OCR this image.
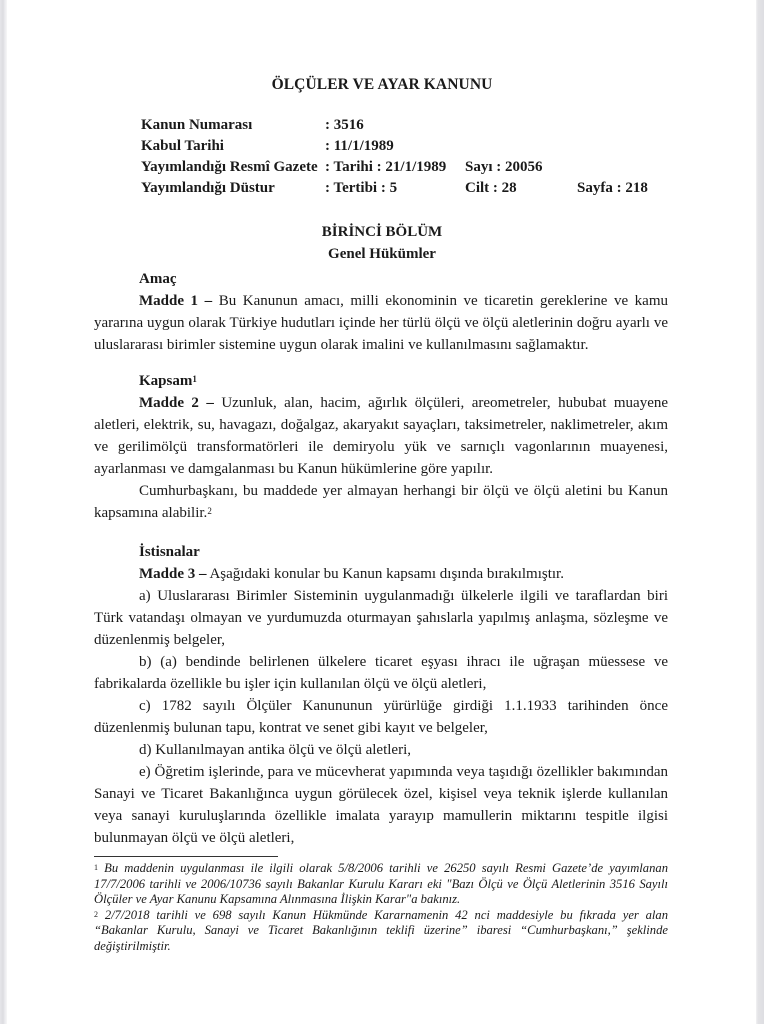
ÖLÇÜLER VE AYAR KANUNU
Kanun Numarası	: 3516
Kabul Tarihi	: 11/1/1989
Yayımlandığı Resmî Gazete : Tarihi : 21/1/1989 Sayı : 20056
Yayımlandığı Düstur	: Tertibi : 5	Cilt : 28	Sayfa : 218
BİRİNCİ BÖLÜM
Genel Hükümler
Amaç
Madde 1 – Bu Kanunun amacı, milli ekonominin ve ticaretin gereklerine ve kamu yararına uygun olarak Türkiye hudutları içinde her türlü ölçü ve ölçü aletlerinin doğru ayarlı ve uluslararası birimler sistemine uygun olarak imalini ve kullanılmasını sağlamaktır.
Kapsam$^1$
Madde 2 – Uzunluk, alan, hacim, ağırlık ölçüleri, areometreler, hububat muayene aletleri, elektrik, su, havagazı, doğalgaz, akaryakıt sayaçları, taksimetreler, naklimetreler, akım ve gerilimölçü transformatörleri ile demiryolu yük ve sarnıçlı vagonlarının muayenesi, ayarlanması ve damgalanması bu Kanun hükümlerine göre yapılır.
Cumhurbaşkanı, bu maddede yer almayan herhangi bir ölçü ve ölçü aletini bu Kanun kapsamına alabilir.$^2$
İstisnalar
Madde 3 – Aşağıdaki konular bu Kanun kapsamı dışında bırakılmıştır.
a) Uluslararası Birimler Sisteminin uygulanmadığı ülkelerle ilgili ve taraflardan biri Türk vatandaşı olmayan ve yurdumuzda oturmayan şahıslarla yapılmış anlaşma, sözleşme ve düzenlenmiş belgeler,
b) (a) bendinde belirlenen ülkelere ticaret eşyası ihracı ile uğraşan müessese ve fabrikalarda özellikle bu işler için kullanılan ölçü ve ölçü aletleri,
c) 1782 sayılı Ölçüler Kanununun yürürlüğe girdiği 1.1.1933 tarihinden önce düzenlenmiş bulunan tapu, kontrat ve senet gibi kayıt ve belgeler,
d) Kullanılmayan antika ölçü ve ölçü aletleri,
e) Öğretim işlerinde, para ve mücevherat yapımında veya taşıdığı özellikler bakımından Sanayi ve Ticaret Bakanlığınca uygun görülecek özel, kişisel veya teknik işlerde kullanılan veya sanayi kuruluşlarında özellikle imalata yarayıp mamullerin miktarını tespitle ilgisi bulunmayan ölçü ve ölçü aletleri,
$^1$ Bu maddenin uygulanması ile ilgili olarak 5/8/2006 tarihli ve 26250 sayılı Resmi Gazete’de yayımlanan 17/7/2006 tarihli ve 2006/10736 sayılı Bakanlar Kurulu Kararı eki "Bazı Ölçü ve Ölçü Aletlerinin 3516 Sayılı Ölçüler ve Ayar Kanunu Kapsamına Alınmasına İlişkin Karar"a bakınız.
$^2$ 2/7/2018 tarihli ve 698 sayılı Kanun Hükmünde Kararnamenin 42 nci maddesiyle bu fıkrada yer alan “Bakanlar Kurulu, Sanayi ve Ticaret Bakanlığının teklifi üzerine” ibaresi “Cumhurbaşkanı,” şeklinde değiştirilmiştir.
